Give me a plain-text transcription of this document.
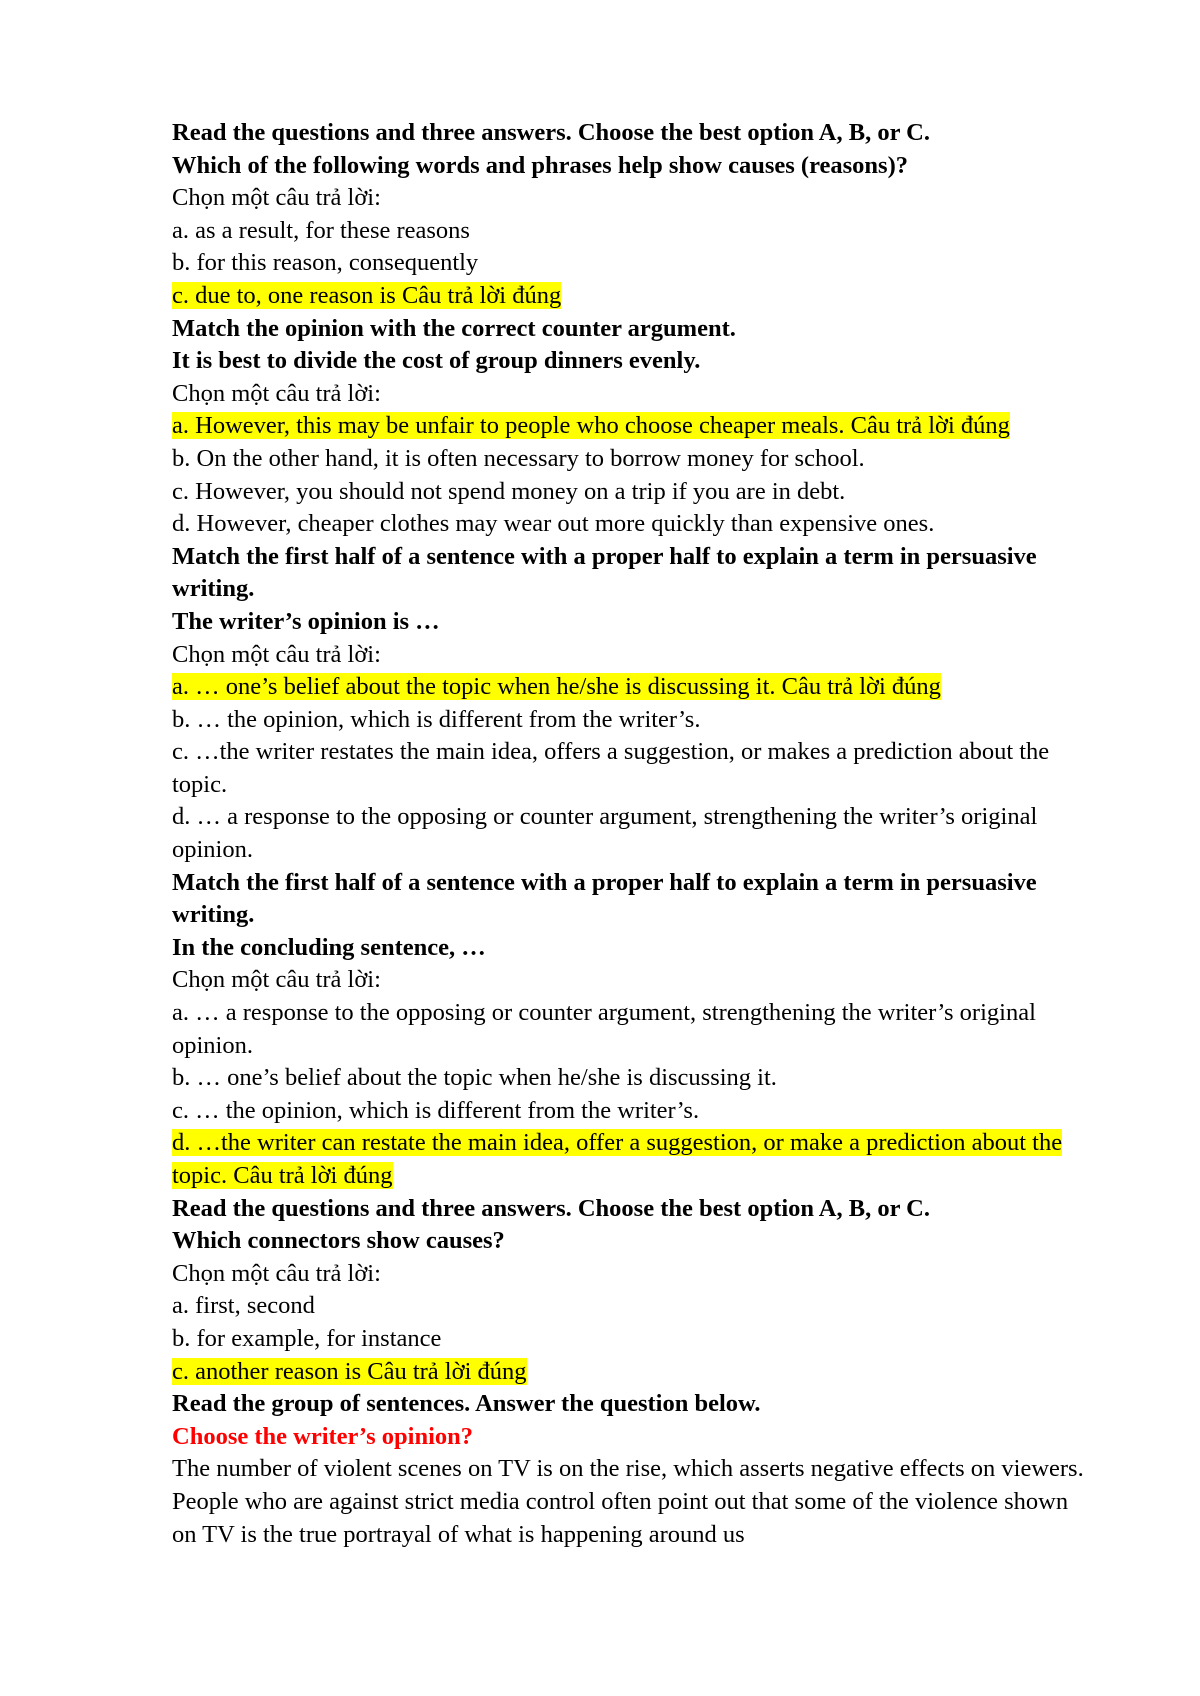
Read the questions and three answers. Choose the best option A, B, or C.
Which of the following words and phrases help show causes (reasons)?
Chọn một câu trả lời:
a. as a result, for these reasons
b. for this reason, consequently
c. due to, one reason is Câu trả lời đúng
Match the opinion with the correct counter argument.
It is best to divide the cost of group dinners evenly.
Chọn một câu trả lời:
a. However, this may be unfair to people who choose cheaper meals. Câu trả lời đúng
b. On the other hand, it is often necessary to borrow money for school.
c. However, you should not spend money on a trip if you are in debt.
d. However, cheaper clothes may wear out more quickly than expensive ones.
Match the first half of a sentence with a proper half to explain a term in persuasive writing.
The writer’s opinion is …
Chọn một câu trả lời:
a. … one’s belief about the topic when he/she is discussing it. Câu trả lời đúng
b. … the opinion, which is different from the writer’s.
c. …the writer restates the main idea, offers a suggestion, or makes a prediction about the topic.
d. … a response to the opposing or counter argument, strengthening the writer’s original opinion.
Match the first half of a sentence with a proper half to explain a term in persuasive writing.
In the concluding sentence, …
Chọn một câu trả lời:
a. … a response to the opposing or counter argument, strengthening the writer’s original opinion.
b. … one’s belief about the topic when he/she is discussing it.
c. … the opinion, which is different from the writer’s.
d. …the writer can restate the main idea, offer a suggestion, or make a prediction about the topic. Câu trả lời đúng
Read the questions and three answers. Choose the best option A, B, or C.
Which connectors show causes?
Chọn một câu trả lời:
a. first, second
b. for example, for instance
c. another reason is Câu trả lời đúng
Read the group of sentences. Answer the question below.
Choose the writer’s opinion?
The number of violent scenes on TV is on the rise, which asserts negative effects on viewers. People who are against strict media control often point out that some of the violence shown on TV is the true portrayal of what is happening around us
